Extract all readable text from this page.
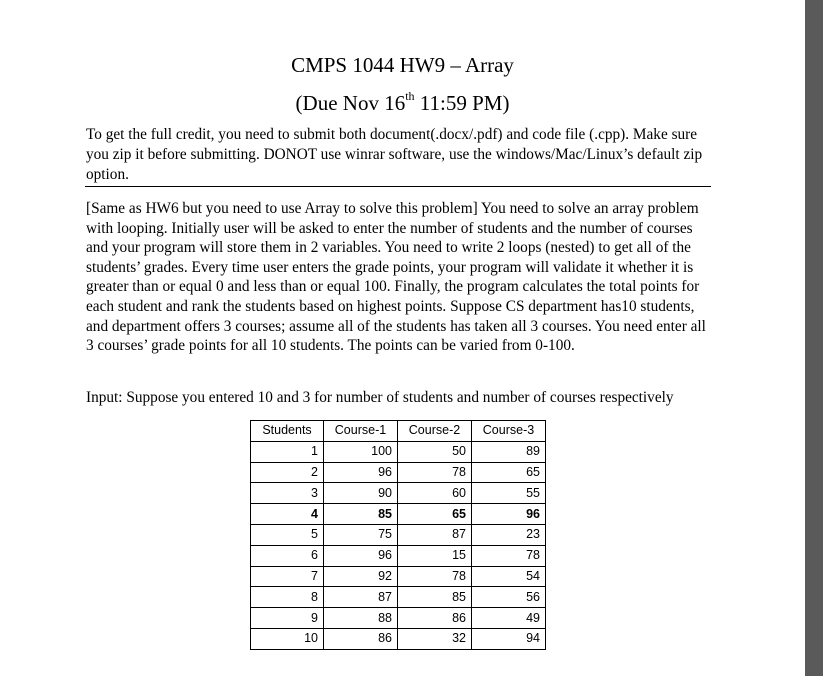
CMPS 1044 HW9 – Array
(Due Nov 16th 11:59 PM)
To get the full credit, you need to submit both document(.docx/.pdf) and code file (.cpp). Make sure you zip it before submitting. DONOT use winrar software, use the windows/Mac/Linux’s default zip option.
[Same as HW6 but you need to use Array to solve this problem] You need to solve an array problem with looping. Initially user will be asked to enter the number of students and the number of courses and your program will store them in 2 variables. You need to write 2 loops (nested) to get all of the students’ grades. Every time user enters the grade points, your program will validate it whether it is greater than or equal 0 and less than or equal 100. Finally, the program calculates the total points for each student and rank the students based on highest points. Suppose CS department has10 students, and department offers 3 courses; assume all of the students has taken all 3 courses. You need enter all 3 courses’ grade points for all 10 students. The points can be varied from 0-100.
Input: Suppose you entered 10 and 3 for number of students and number of courses respectively
Students	Course-1	Course-2	Course-3
1	100	50	89
2	96	78	65
3	90	60	55
4	85	65	96
5	75	87	23
6	96	15	78
7	92	78	54
8	87	85	56
9	88	86	49
10	86	32	94
